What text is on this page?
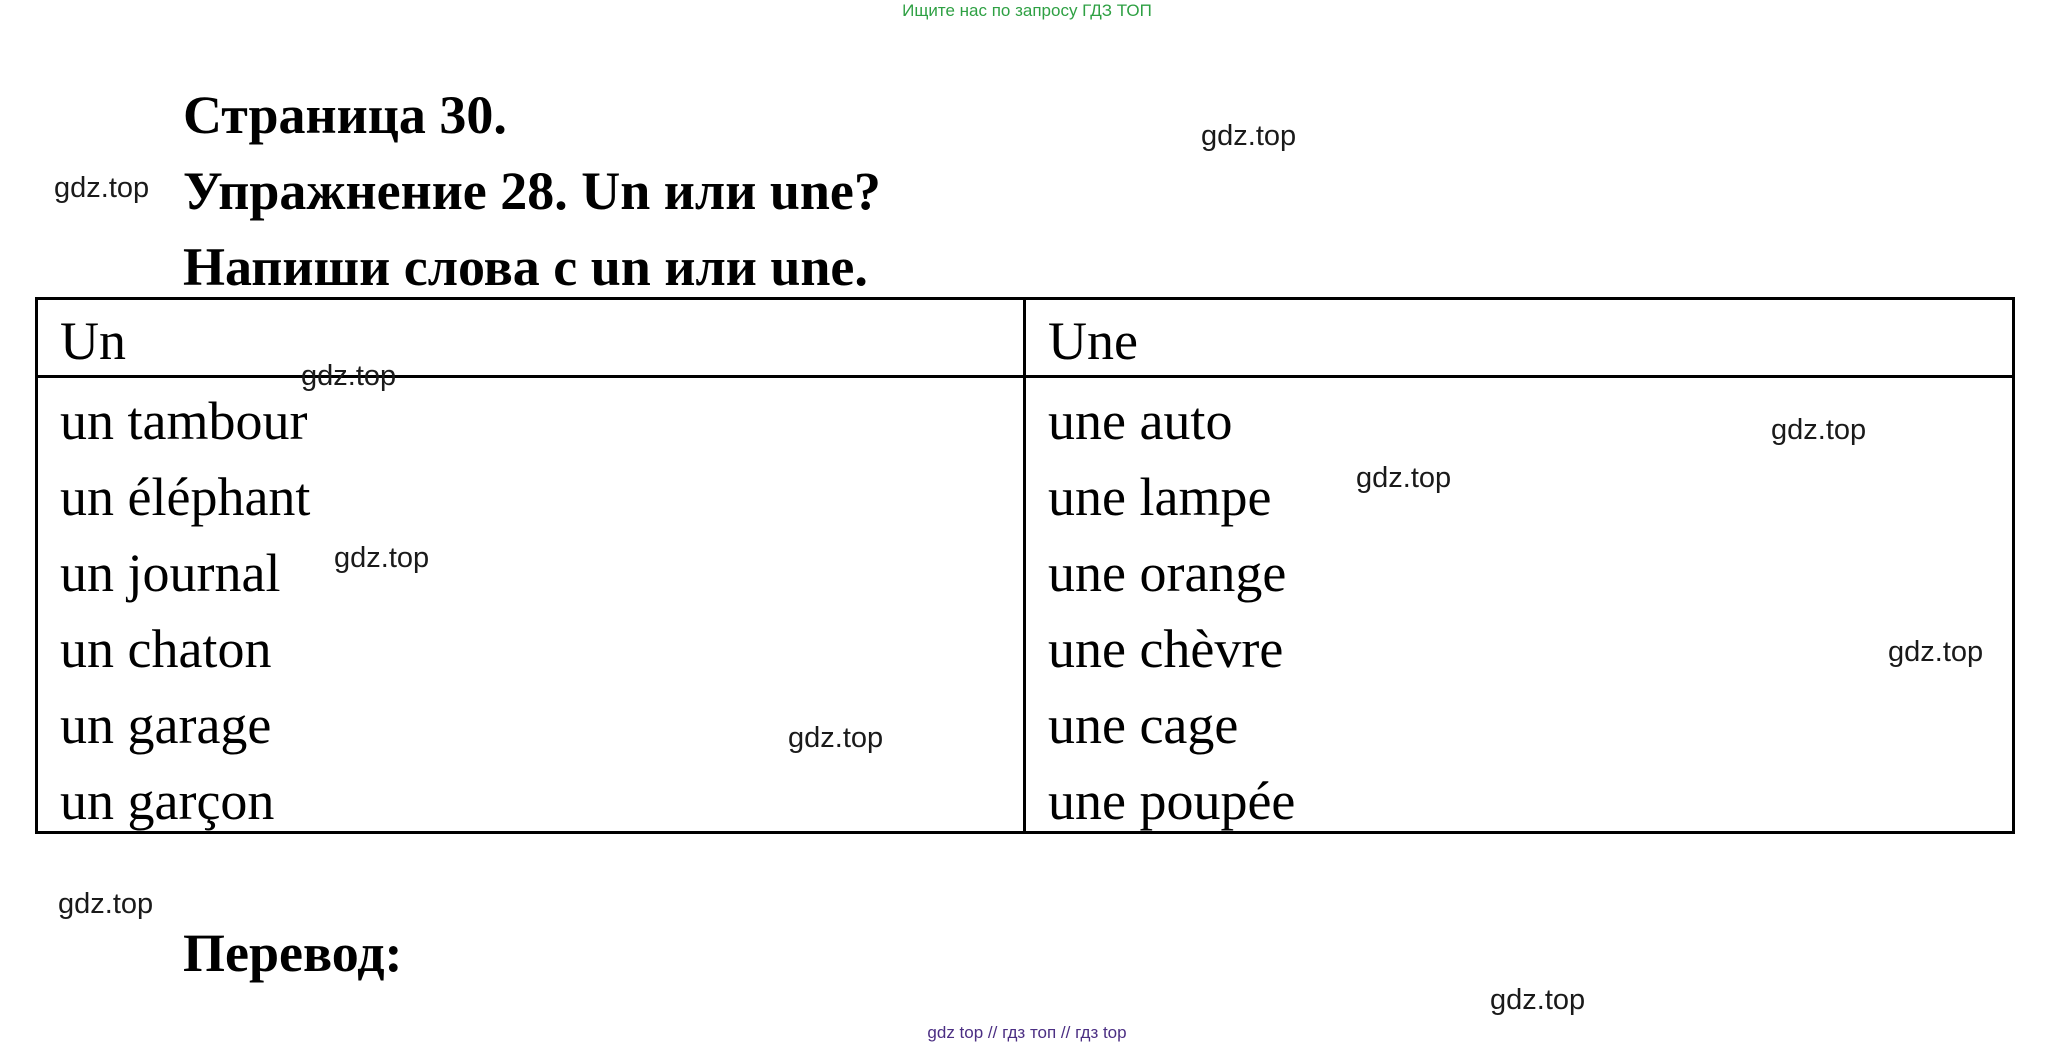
Ищите нас по запросу ГДЗ ТОП
Страница 30.
Упражнение 28. Un или une?
Напиши слова с un или une.
Un
un tambour
un éléphant
un journal
un chaton
un garage
un garçon
Une
une auto
une lampe
une orange
une chèvre
une cage
une poupée
Перевод:
gdz.top
gdz.top
gdz.top
gdz.top
gdz.top
gdz.top
gdz.top
gdz.top
gdz.top
gdz.top
gdz top // гдз топ // гдз top
